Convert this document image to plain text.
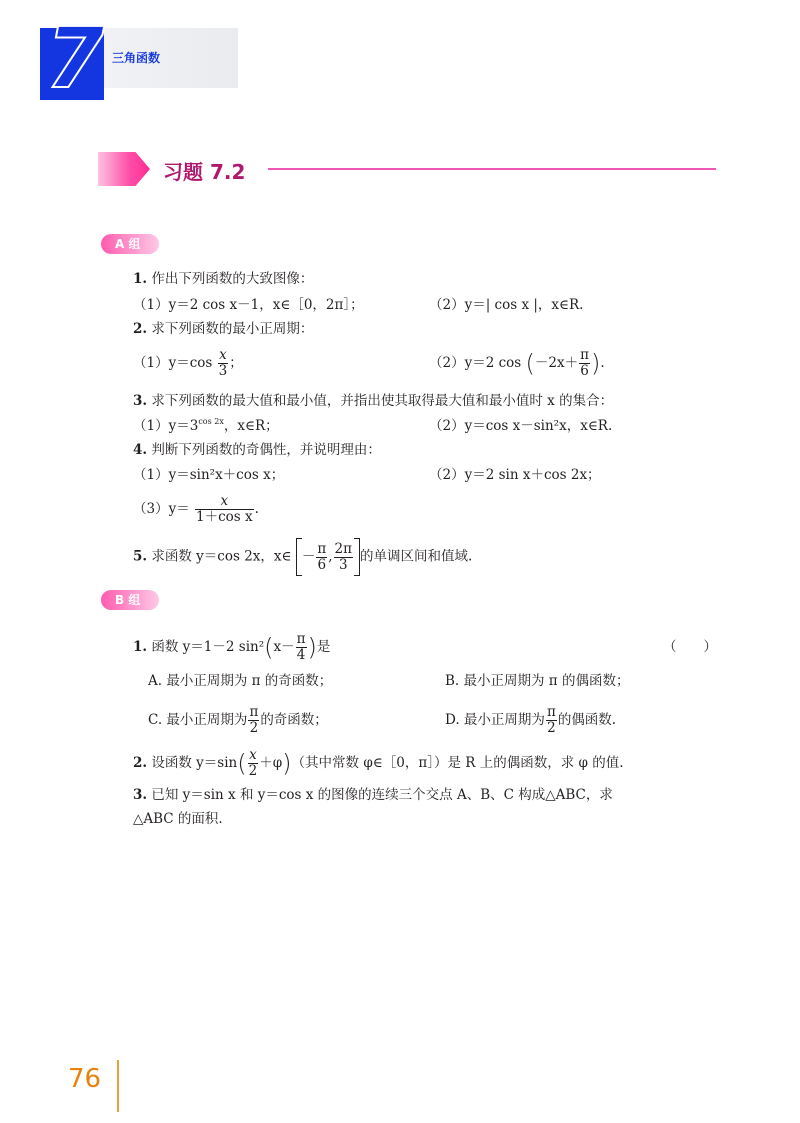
7 三角函数
习题 7.2
A 组
1. 作出下列函数的大致图像：
（1）y＝2 cos x－1，x∈［0，2π］；	（2）y＝| cos x |，x∈R.
2. 求下列函数的最小正周期：
$(1)y=\cos \frac{x}{3}$ ；	（2）y＝2 $\cos (-2x+ \frac{\pi}{6}$ ).
3. 求下列函数的最大值和最小值，并指出使其取得最大值和最小值时 x 的集合：
$(1)y=3^{cos 2x}$，x∈R；	（2）y＝cos x－sin²x，x∈R.
4. 判断下列函数的奇偶性，并说明理由：
（1）y＝sin²x＋cos x；	（2）y＝2 sin x＋cos 2x；
$(3)y= \frac{x}{\text{1＋cos x}}$ .
5. 求函数 y＝cos 2x，x∈ － $\frac{\pi}{6}$ , $\frac{2\pi}{3}$ 的单调区间和值域.
B 组
1. 函数 y＝1－2 $\sin^2(x- \frac{\pi}{4}$ )是	（　　）
A. 最小正周期为 π 的奇函数；	B. 最小正周期为 π 的偶函数；
C. 最小正周期为 $\frac{\pi}{2}$ 的奇函数；	D. 最小正周期为 $\frac{\pi}{2}$ 的偶函数.
2. 设函数 $y=\sin( \frac{x}{2} +\varphi)$（其中常数 φ∈［0，π］）是 R 上的偶函数，求 φ 的值.
3. 已知 y＝sin x 和 y＝cos x 的图像的连续三个交点 A、B、C 构成△ABC，求
△ABC 的面积.
76
